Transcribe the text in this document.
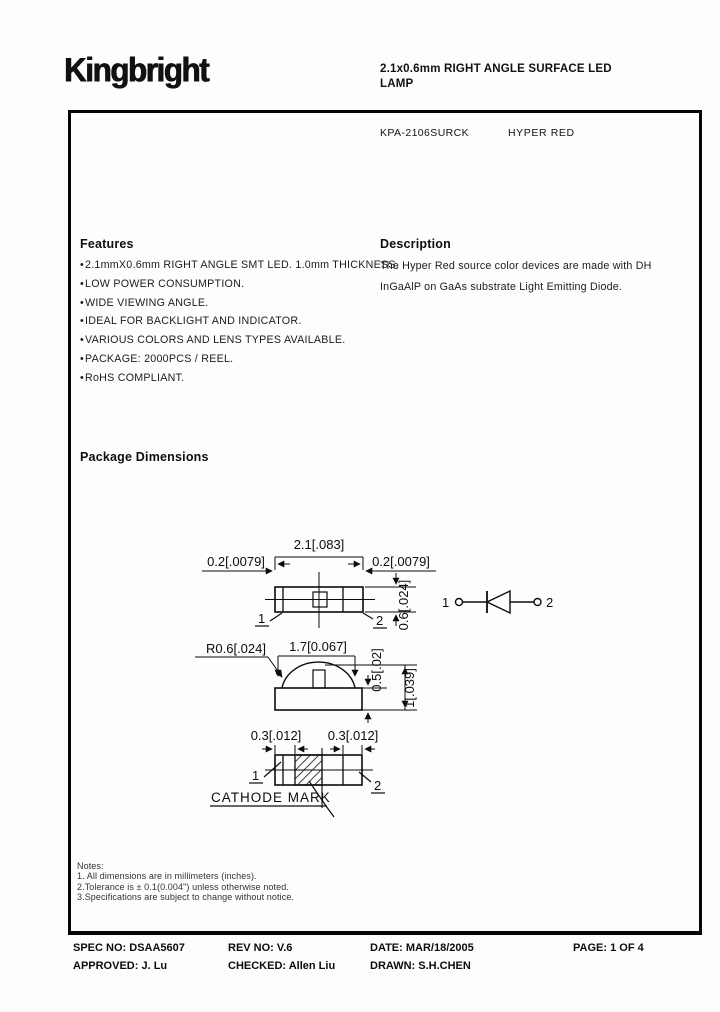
Kingbright	2.1x0.6mm RIGHT ANGLE SURFACE LED
LAMP
KPA-2106SURCK	HYPER RED
Features
• 2.1mmX0.6mm RIGHT ANGLE SMT LED. 1.0mm THICKNESS.
• LOW POWER CONSUMPTION.
• WIDE VIEWING ANGLE.
• IDEAL FOR BACKLIGHT AND INDICATOR.
• VARIOUS COLORS AND LENS TYPES AVAILABLE.
• PACKAGE: 2000PCS / REEL.
• RoHS COMPLIANT.
Description
The Hyper Red source color devices are made with DH
InGaAlP on GaAs substrate Light Emitting Diode.
Package Dimensions
2.1[.083]
0.2[.0079]	0.2[.0079]
0.6[.024]
1	2
1	2
R0.6[.024] 1.7[0.067]
0.5[.02] 1[.039]
0.3[.012] 0.3[.012]
1
2
CATHODE MARK
Notes:
1. All dimensions are in millimeters (inches).
2.Tolerance is ± 0.1(0.004") unless otherwise noted.
3.Specifications are subject to change without notice.
SPEC NO: DSAA5607	REV NO: V.6	DATE: MAR/18/2005	PAGE: 1 OF 4
APPROVED: J. Lu	CHECKED: Allen Liu	DRAWN: S.H.CHEN
